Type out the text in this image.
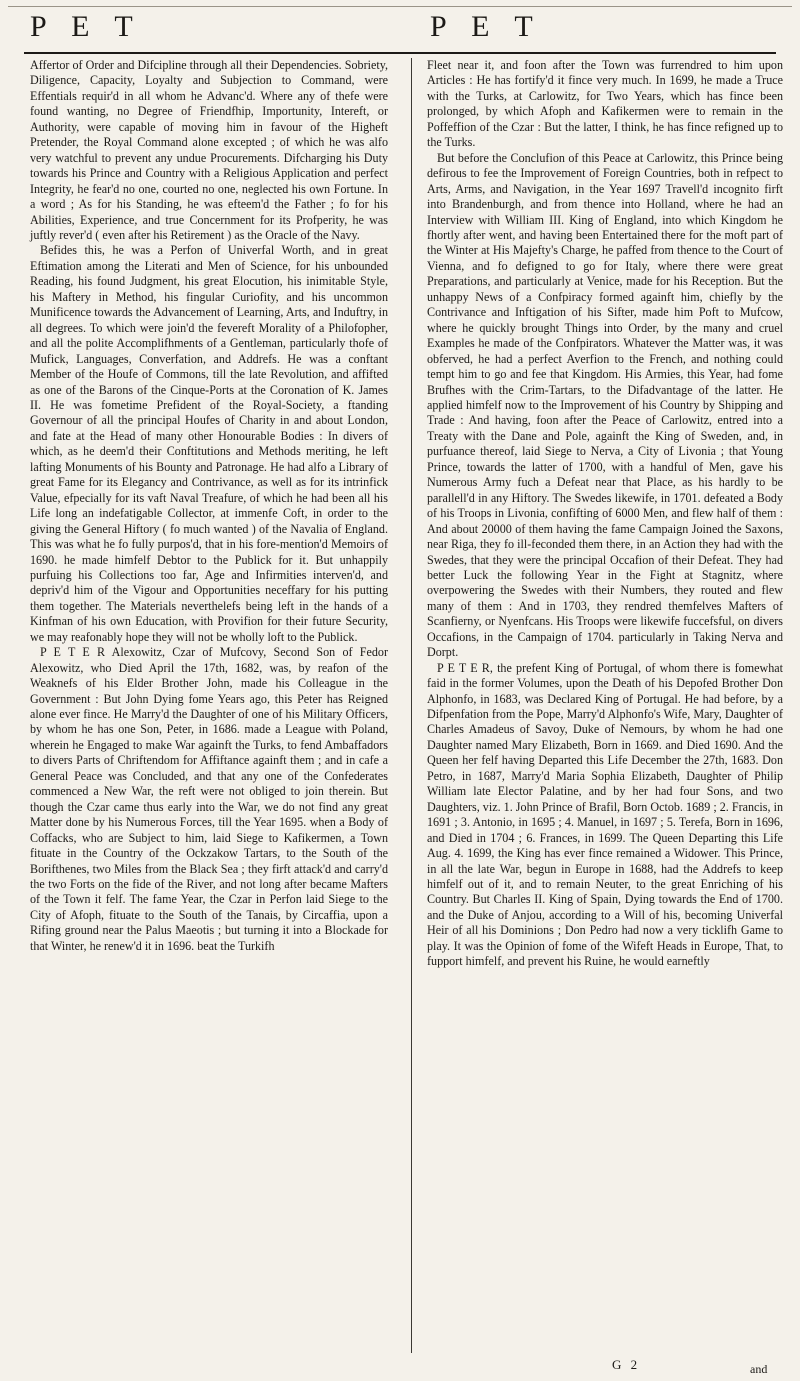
P E T	P E T

Affertor of Order and Difcipline through all their Dependencies. Sobriety, Diligence, Capacity, Loyalty and Subjection to Command, were Effentials requir'd in all whom he Advanc'd. Where any of thefe were found wanting, no Degree of Friendfhip, Importunity, Intereft, or Authority, were capable of moving him in favour of the Higheft Pretender, the Royal Command alone excepted ; of which he was alfo very watchful to prevent any undue Procurements. Difcharging his Duty towards his Prince and Country with a Religious Application and perfect Integrity, he fear'd no one, courted no one, neglected his own Fortune. In a word ; As for his Standing, he was efteem'd the Father ; fo for his Abilities, Experience, and true Concernment for its Profperity, he was juftly rever'd ( even after his Retirement ) as the Oracle of the Navy.

Befides this, he was a Perfon of Univerfal Worth, and in great Eftimation among the Literati and Men of Science, for his unbounded Reading, his found Judgment, his great Elocution, his inimitable Style, his Maftery in Method, his fingular Curiofity, and his uncommon Munificence towards the Advancement of Learning, Arts, and Induftry, in all degrees. To which were join'd the fevereft Morality of a Philofopher, and all the polite Accomplifhments of a Gentleman, particularly thofe of Mufick, Languages, Converfation, and Addrefs. He was a conftant Member of the Houfe of Commons, till the late Revolution, and affifted as one of the Barons of the Cinque-Ports at the Coronation of K. James II. He was fometime Prefident of the Royal-Society, a ftanding Governour of all the principal Houfes of Charity in and about London, and fate at the Head of many other Honourable Bodies : In divers of which, as he deem'd their Conftitutions and Methods meriting, he left lafting Monuments of his Bounty and Patronage. He had alfo a Library of great Fame for its Elegancy and Contrivance, as well as for its intrinfick Value, efpecially for its vaft Naval Treafure, of which he had been all his Life long an indefatigable Collector, at immenfe Coft, in order to the giving the General Hiftory ( fo much wanted ) of the Navalia of England. This was what he fo fully purpos'd, that in his fore-mention'd Memoirs of 1690. he made himfelf Debtor to the Publick for it. But unhappily purfuing his Collections too far, Age and Infirmities interven'd, and depriv'd him of the Vigour and Opportunities neceffary for his putting them together. The Materials neverthelefs being left in the hands of a Kinfman of his own Education, with Provifion for their future Security, we may reafonably hope they will not be wholly loft to the Publick.

P E T E R Alexowitz, Czar of Mufcovy, Second Son of Fedor Alexowitz, who Died April the 17th, 1682, was, by reafon of the Weaknefs of his Elder Brother John, made his Colleague in the Government : But John Dying fome Years ago, this Peter has Reigned alone ever fince. He Marry'd the Daughter of one of his Military Officers, by whom he has one Son, Peter, in 1686. made a League with Poland, wherein he Engaged to make War againft the Turks, to fend Ambaffadors to divers Parts of Chriftendom for Affiftance againft them ; and in cafe a General Peace was Concluded, and that any one of the Confederates commenced a New War, the reft were not obliged to join therein. But though the Czar came thus early into the War, we do not find any great Matter done by his Numerous Forces, till the Year 1695. when a Body of Coffacks, who are Subject to him, laid Siege to Kafikermen, a Town fituate in the Country of the Ockzakow Tartars, to the South of the Borifthenes, two Miles from the Black Sea ; they firft attack'd and carry'd the two Forts on the fide of the River, and not long after became Mafters of the Town it felf. The fame Year, the Czar in Perfon laid Siege to the City of Afoph, fituate to the South of the Tanais, by Circaffia, upon a Rifing ground near the Palus Maeotis ; but turning it into a Blockade for that Winter, he renew'd it in 1696. beat the Turkifh

Fleet near it, and foon after the Town was furrendred to him upon Articles : He has fortify'd it fince very much. In 1699, he made a Truce with the Turks, at Carlowitz, for Two Years, which has fince been prolonged, by which Afoph and Kafikermen were to remain in the Poffeffion of the Czar : But the latter, I think, he has fince refigned up to the Turks.

But before the Conclufion of this Peace at Carlowitz, this Prince being defirous to fee the Improvement of Foreign Countries, both in refpect to Arts, Arms, and Navigation, in the Year 1697 Travell'd incognito firft into Brandenburgh, and from thence into Holland, where he had an Interview with William III. King of England, into which Kingdom he fhortly after went, and having been Entertained there for the moft part of the Winter at His Majefty's Charge, he paffed from thence to the Court of Vienna, and fo defigned to go for Italy, where there were great Preparations, and particularly at Venice, made for his Reception. But the unhappy News of a Confpiracy formed againft him, chiefly by the Contrivance and Inftigation of his Sifter, made him Poft to Mufcow, where he quickly brought Things into Order, by the many and cruel Examples he made of the Confpirators. Whatever the Matter was, it was obferved, he had a perfect Averfion to the French, and nothing could tempt him to go and fee that Kingdom. His Armies, this Year, had fome Brufhes with the Crim-Tartars, to the Difadvantage of the latter. He applied himfelf now to the Improvement of his Country by Shipping and Trade : And having, foon after the Peace of Carlowitz, entred into a Treaty with the Dane and Pole, againft the King of Sweden, and, in purfuance thereof, laid Siege to Nerva, a City of Livonia ; that Young Prince, towards the latter of 1700, with a handful of Men, gave his Numerous Army fuch a Defeat near that Place, as his hardly to be parallell'd in any Hiftory. The Swedes likewife, in 1701. defeated a Body of his Troops in Livonia, confifting of 6000 Men, and flew half of them : And about 20000 of them having the fame Campaign Joined the Saxons, near Riga, they fo ill-feconded them there, in an Action they had with the Swedes, that they were the principal Occafion of their Defeat. They had better Luck the following Year in the Fight at Stagnitz, where overpowering the Swedes with their Numbers, they routed and flew many of them : And in 1703, they rendred themfelves Mafters of Scanfierny, or Nyenfcans. His Troops were likewife fuccefsful, on divers Occafions, in the Campaign of 1704. particularly in Taking Nerva and Dorpt.

P E T E R, the prefent King of Portugal, of whom there is fomewhat faid in the former Volumes, upon the Death of his Depofed Brother Don Alphonfo, in 1683, was Declared King of Portugal. He had before, by a Difpenfation from the Pope, Marry'd Alphonfo's Wife, Mary, Daughter of Charles Amadeus of Savoy, Duke of Nemours, by whom he had one Daughter named Mary Elizabeth, Born in 1669. and Died 1690. And the Queen her felf having Departed this Life December the 27th, 1683. Don Petro, in 1687, Marry'd Maria Sophia Elizabeth, Daughter of Philip William late Elector Palatine, and by her had four Sons, and two Daughters, viz. 1. John Prince of Brafil, Born Octob. 1689 ; 2. Francis, in 1691 ; 3. Antonio, in 1695 ; 4. Manuel, in 1697 ; 5. Terefa, Born in 1696, and Died in 1704 ; 6. Frances, in 1699. The Queen Departing this Life Aug. 4. 1699, the King has ever fince remained a Widower. This Prince, in all the late War, begun in Europe in 1688, had the Addrefs to keep himfelf out of it, and to remain Neuter, to the great Enriching of his Country. But Charles II. King of Spain, Dying towards the End of 1700. and the Duke of Anjou, according to a Will of his, becoming Univerfal Heir of all his Dominions ; Don Pedro had now a very ticklifh Game to play. It was the Opinion of fome of the Wifeft Heads in Europe, That, to fupport himfelf, and prevent his Ruine, he would earneftly

G 2	and
